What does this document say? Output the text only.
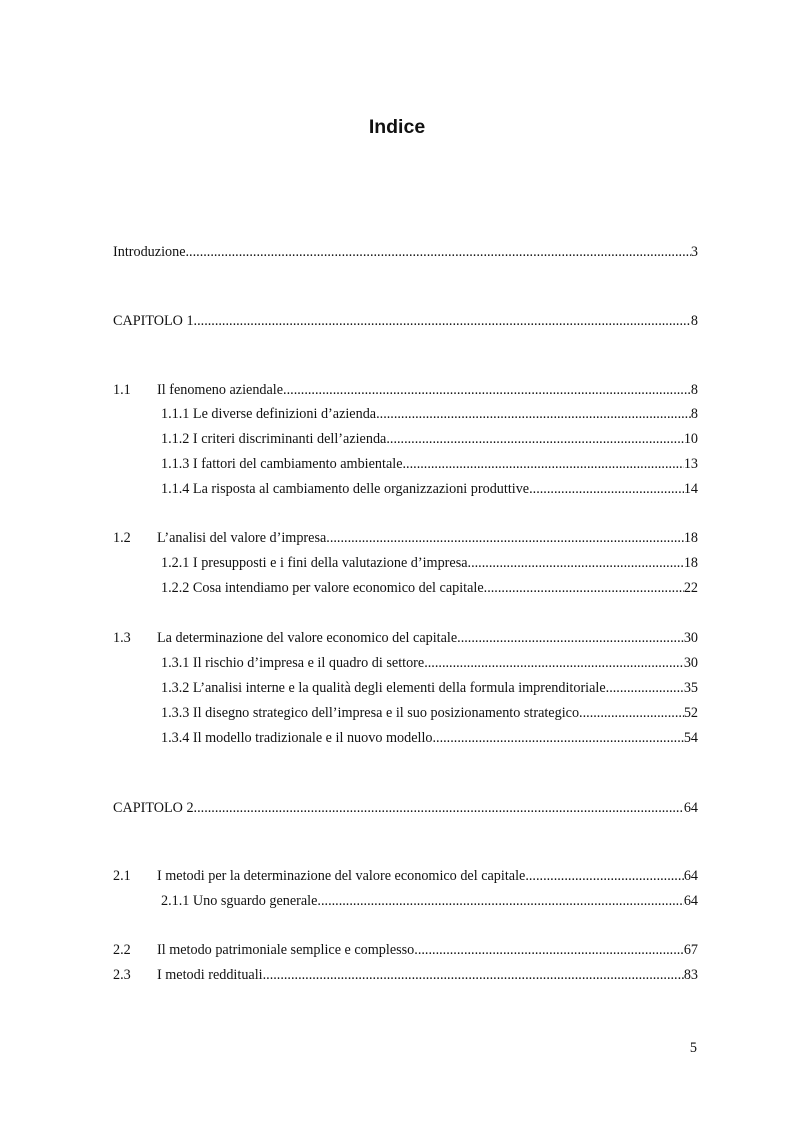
Indice
Introduzione .....	3
CAPITOLO 1 .....	8
1.1	Il fenomeno aziendale .....	8
1.1.1 Le diverse definizioni d’azienda .....	8
1.1.2 I criteri discriminanti dell’azienda .....	10
1.1.3 I fattori del cambiamento ambientale .....	13
1.1.4 La risposta al cambiamento delle organizzazioni produttive .....	14
1.2	L’analisi del valore d’impresa .....	18
1.2.1 I presupposti e i fini della valutazione d’impresa .....	18
1.2.2 Cosa intendiamo per valore economico del capitale .....	22
1.3	La determinazione del valore economico del capitale .....	30
1.3.1 Il rischio d’impresa e il quadro di settore .....	30
1.3.2 L’analisi interne e la qualità degli elementi della formula imprenditoriale .....	35
1.3.3 Il disegno strategico dell’impresa e il suo posizionamento strategico .....	52
1.3.4 Il modello tradizionale e il nuovo modello .....	54
CAPITOLO 2 .....	64
2.1	I metodi per la determinazione del valore economico del capitale .....	64
2.1.1 Uno sguardo generale .....	64
2.2	Il metodo patrimoniale semplice e complesso .....	67
2.3	I metodi reddituali .....	83
5
